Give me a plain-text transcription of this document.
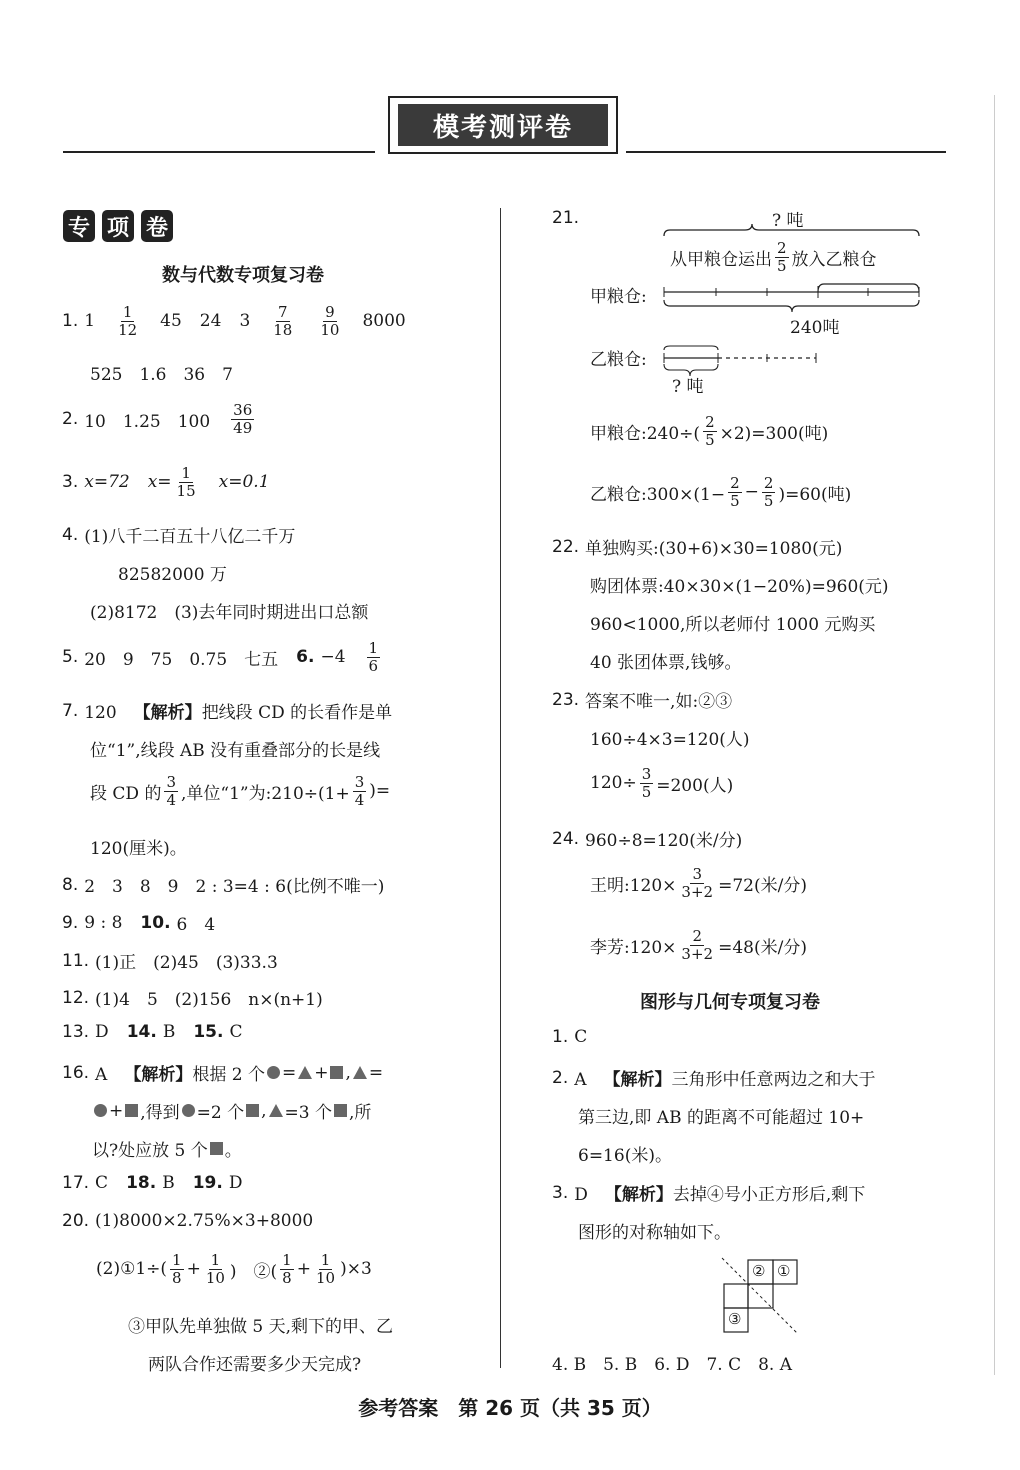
模考测评卷
专 项 卷
数与代数专项复习卷
1. $1 \frac{1}{12} 45$ 24 $3 \frac{7}{18} \frac{9}{10} 8000$
525　1.6　36　7
2. 10　1.25　$100 \frac{36}{49}$
3. x=72 $x= \frac{1}{15} x=0.1$
4. (1)八千二百五十八亿二千万
82582000 万
(2)8172　(3)去年同时期进出口总额
5. 20　9　75　0.75　七五 6. $-4 \frac{1}{6}$
7. 120　 【解析】 把线段 CD 的长看作是单
位“1”,线段 AB 没有重叠部分的长是线
段 CD 的 $\frac{3}{4}$ ,单位“1”为:210÷(1+ $\frac{3}{4}$ )=
120(厘米)。
8. 2　3　8　9　2 : 3=4 : 6(比例不唯一)
9. 9 : 8 10. 6　4
11. (1)正　(2)45　(3)33.3
12. (1)4　5　(2)156　n×(n+1)
13. D 14. B 15. C
16. A　 【解析】 根据 2 个 = + , =
+ ,得到 =2 个 , =3 个 ,所
以?处应放 5 个 。
17. C 18. B 19. D
20. (1)8000×2.75%×3+8000
(2)①1÷( $\frac{1}{8} + \frac{1}{10}$ )　②( $\frac{1}{8} + \frac{1}{10} )\times 3$
③甲队先单独做 5 天,剩下的甲、乙
两队合作还需要多少天完成?
21.	? 吨
从甲粮仓运出 $\frac{2}{5}$ 放入乙粮仓
甲粮仓:
240吨
乙粮仓:
? 吨
甲粮仓:240÷( $\frac{2}{5} \times 2)=300$(吨)
乙粮仓:300×(1− $\frac{2}{5} - \frac{2}{5} )=60$(吨)
22. 单独购买:(30+6)×30=1080(元)
购团体票:40×30×(1−20%)=960(元)
960<1000,所以老师付 1000 元购买
40 张团体票,钱够。
23. 答案不唯一,如:②③
160÷4×3=120(人)
$120\div \frac{3}{5} =200$(人)
24. 960÷8=120(米/分)
王明:120× $\frac{3}{3+2} =72$(米/分)
李芳:120× $\frac{2}{3+2} =48$(米/分)
图形与几何专项复习卷
1. C
2. A　 【解析】 三角形中任意两边之和大于
第三边,即 AB 的距离不可能超过 10+
6=16(米)。
3. D　 【解析】 去掉④号小正方形后,剩下
图形的对称轴如下。
② ①
③
4. B　5. B　6. D　7. C　8. A
参考答案　第 26 页（共 35 页）
